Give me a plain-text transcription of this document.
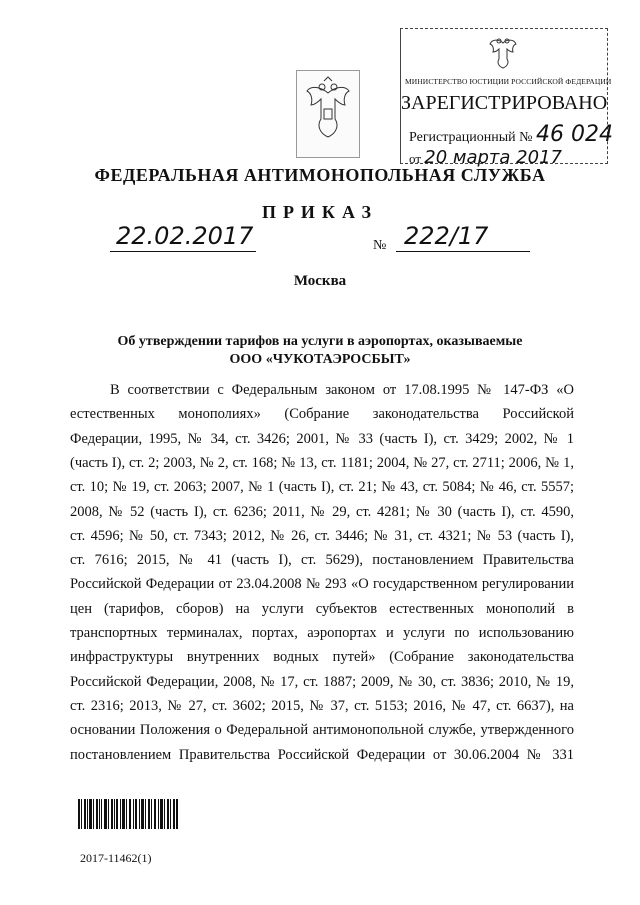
МИНИСТЕРСТВО ЮСТИЦИИ РОССИЙСКОЙ ФЕДЕРАЦИИ
ЗАРЕГИСТРИРОВАНО
Регистрационный № 46 024
от 20 марта 2017
ФЕДЕРАЛЬНАЯ АНТИМОНОПОЛЬНАЯ СЛУЖБА
ПРИКАЗ
22.02.2017	№ 222/17
Москва
Об утверждении тарифов на услуги в аэропортах, оказываемые
ООО «ЧУКОТАЭРОСБЫТ»
В соответствии с Федеральным законом от 17.08.1995 № 147-ФЗ «О
естественных монополиях» (Собрание законодательства Российской
Федерации, 1995, № 34, ст. 3426; 2001, № 33 (часть I), ст. 3429; 2002, № 1
(часть I), ст. 2; 2003, № 2, ст. 168; № 13, ст. 1181; 2004, № 27, ст. 2711; 2006, № 1,
ст. 10; № 19, ст. 2063; 2007, № 1 (часть I), ст. 21; № 43, ст. 5084; № 46, ст. 5557;
2008, № 52 (часть I), ст. 6236; 2011, № 29, ст. 4281; № 30 (часть I), ст. 4590,
ст. 4596; № 50, ст. 7343; 2012, № 26, ст. 3446; № 31, ст. 4321; № 53 (часть I),
ст. 7616; 2015, № 41 (часть I), ст. 5629), постановлением Правительства
Российской Федерации от 23.04.2008 № 293 «О государственном регулировании
цен (тарифов, сборов) на услуги субъектов естественных монополий в
транспортных терминалах, портах, аэропортах и услуги по использованию
инфраструктуры внутренних водных путей» (Собрание законодательства
Российской Федерации, 2008, № 17, ст. 1887; 2009, № 30, ст. 3836; 2010, № 19,
ст. 2316; 2013, № 27, ст. 3602; 2015, № 37, ст. 5153; 2016, № 47, ст. 6637), на
основании Положения о Федеральной антимонопольной службе, утвержденного
постановлением Правительства Российской Федерации от 30.06.2004 № 331
2017-11462(1)
